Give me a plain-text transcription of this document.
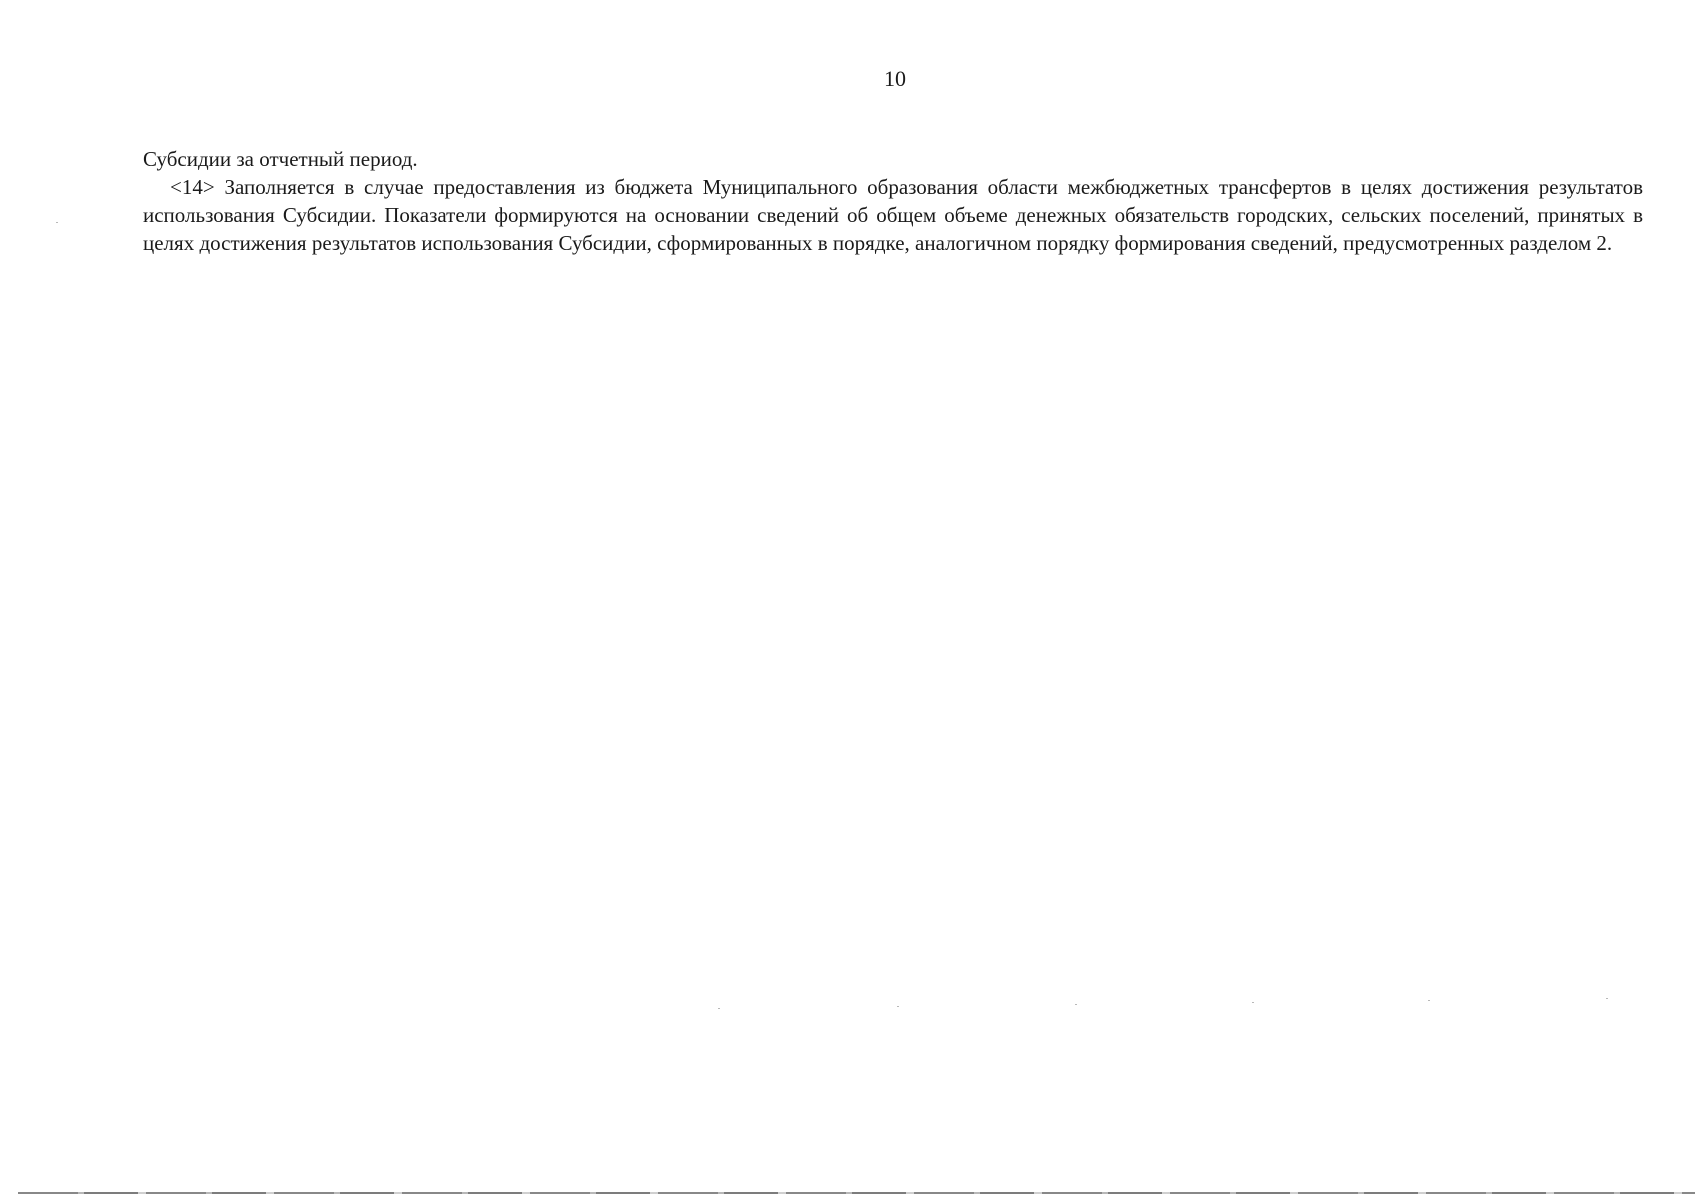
10

Субсидии за отчетный период.

<14> Заполняется в случае предоставления из бюджета Муниципального образования области межбюджетных трансфертов в целях достижения результатов использования Субсидии. Показатели формируются на основании сведений об общем объеме денежных обязательств городских, сельских поселений, принятых в целях достижения результатов использования Субсидии, сформированных в порядке, аналогичном порядку формирования сведений, предусмотренных разделом 2.
